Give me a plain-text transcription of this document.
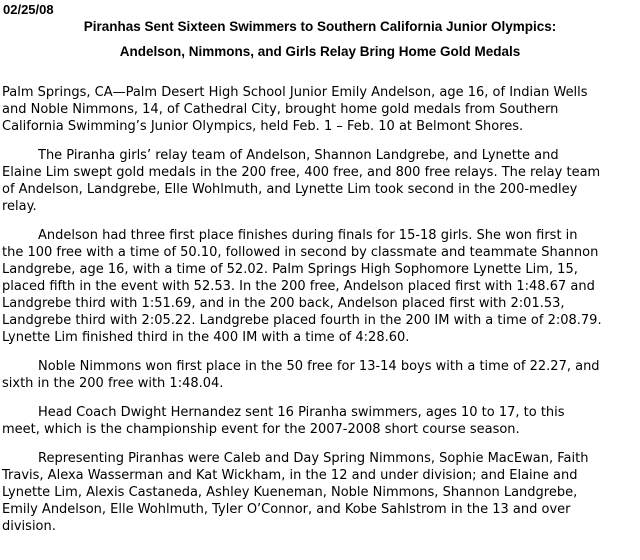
02/25/08
Piranhas Sent Sixteen Swimmers to Southern California Junior Olympics:
Andelson, Nimmons, and Girls Relay Bring Home Gold Medals

Palm Springs, CA—Palm Desert High School Junior Emily Andelson, age 16, of Indian Wells and Noble Nimmons, 14, of Cathedral City, brought home gold medals from Southern California Swimming’s Junior Olympics, held Feb. 1 – Feb. 10 at Belmont Shores.

The Piranha girls’ relay team of Andelson, Shannon Landgrebe, and Lynette and Elaine Lim swept gold medals in the 200 free, 400 free, and 800 free relays. The relay team of Andelson, Landgrebe, Elle Wohlmuth, and Lynette Lim took second in the 200-medley relay.

Andelson had three first place finishes during finals for 15-18 girls. She won first in the 100 free with a time of 50.10, followed in second by classmate and teammate Shannon Landgrebe, age 16, with a time of 52.02. Palm Springs High Sophomore Lynette Lim, 15, placed fifth in the event with 52.53. In the 200 free, Andelson placed first with 1:48.67 and Landgrebe third with 1:51.69, and in the 200 back, Andelson placed first with 2:01.53, Landgrebe third with 2:05.22. Landgrebe placed fourth in the 200 IM with a time of 2:08.79. Lynette Lim finished third in the 400 IM with a time of 4:28.60.

Noble Nimmons won first place in the 50 free for 13-14 boys with a time of 22.27, and sixth in the 200 free with 1:48.04.

Head Coach Dwight Hernandez sent 16 Piranha swimmers, ages 10 to 17, to this meet, which is the championship event for the 2007-2008 short course season.

Representing Piranhas were Caleb and Day Spring Nimmons, Sophie MacEwan, Faith Travis, Alexa Wasserman and Kat Wickham, in the 12 and under division; and Elaine and Lynette Lim, Alexis Castaneda, Ashley Kueneman, Noble Nimmons, Shannon Landgrebe, Emily Andelson, Elle Wohlmuth, Tyler O’Connor, and Kobe Sahlstrom in the 13 and over division.
